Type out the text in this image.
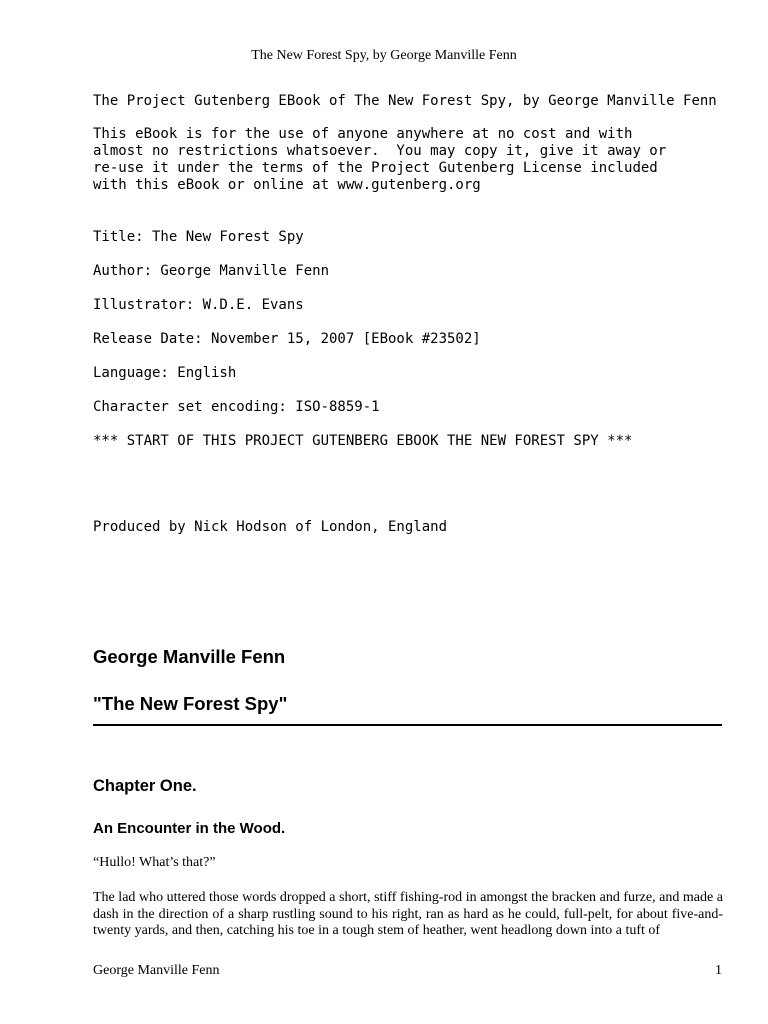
The New Forest Spy, by George Manville Fenn
The Project Gutenberg EBook of The New Forest Spy, by George Manville Fenn
This eBook is for the use of anyone anywhere at no cost and with
almost no restrictions whatsoever.  You may copy it, give it away or
re-use it under the terms of the Project Gutenberg License included
with this eBook or online at www.gutenberg.org
Title: The New Forest Spy
Author: George Manville Fenn
Illustrator: W.D.E. Evans
Release Date: November 15, 2007 [EBook #23502]
Language: English
Character set encoding: ISO-8859-1
*** START OF THIS PROJECT GUTENBERG EBOOK THE NEW FOREST SPY ***
Produced by Nick Hodson of London, England
George Manville Fenn
"The New Forest Spy"
Chapter One.
An Encounter in the Wood.

“Hullo! What’s that?”

The lad who uttered those words dropped a short, stiff fishing-rod in amongst the bracken and furze, and made a dash in the direction of a sharp rustling sound to his right, ran as hard as he could, full-pelt, for about five-and-twenty yards, and then, catching his toe in a tough stem of heather, went headlong down into a tuft of

George Manville Fenn	1
